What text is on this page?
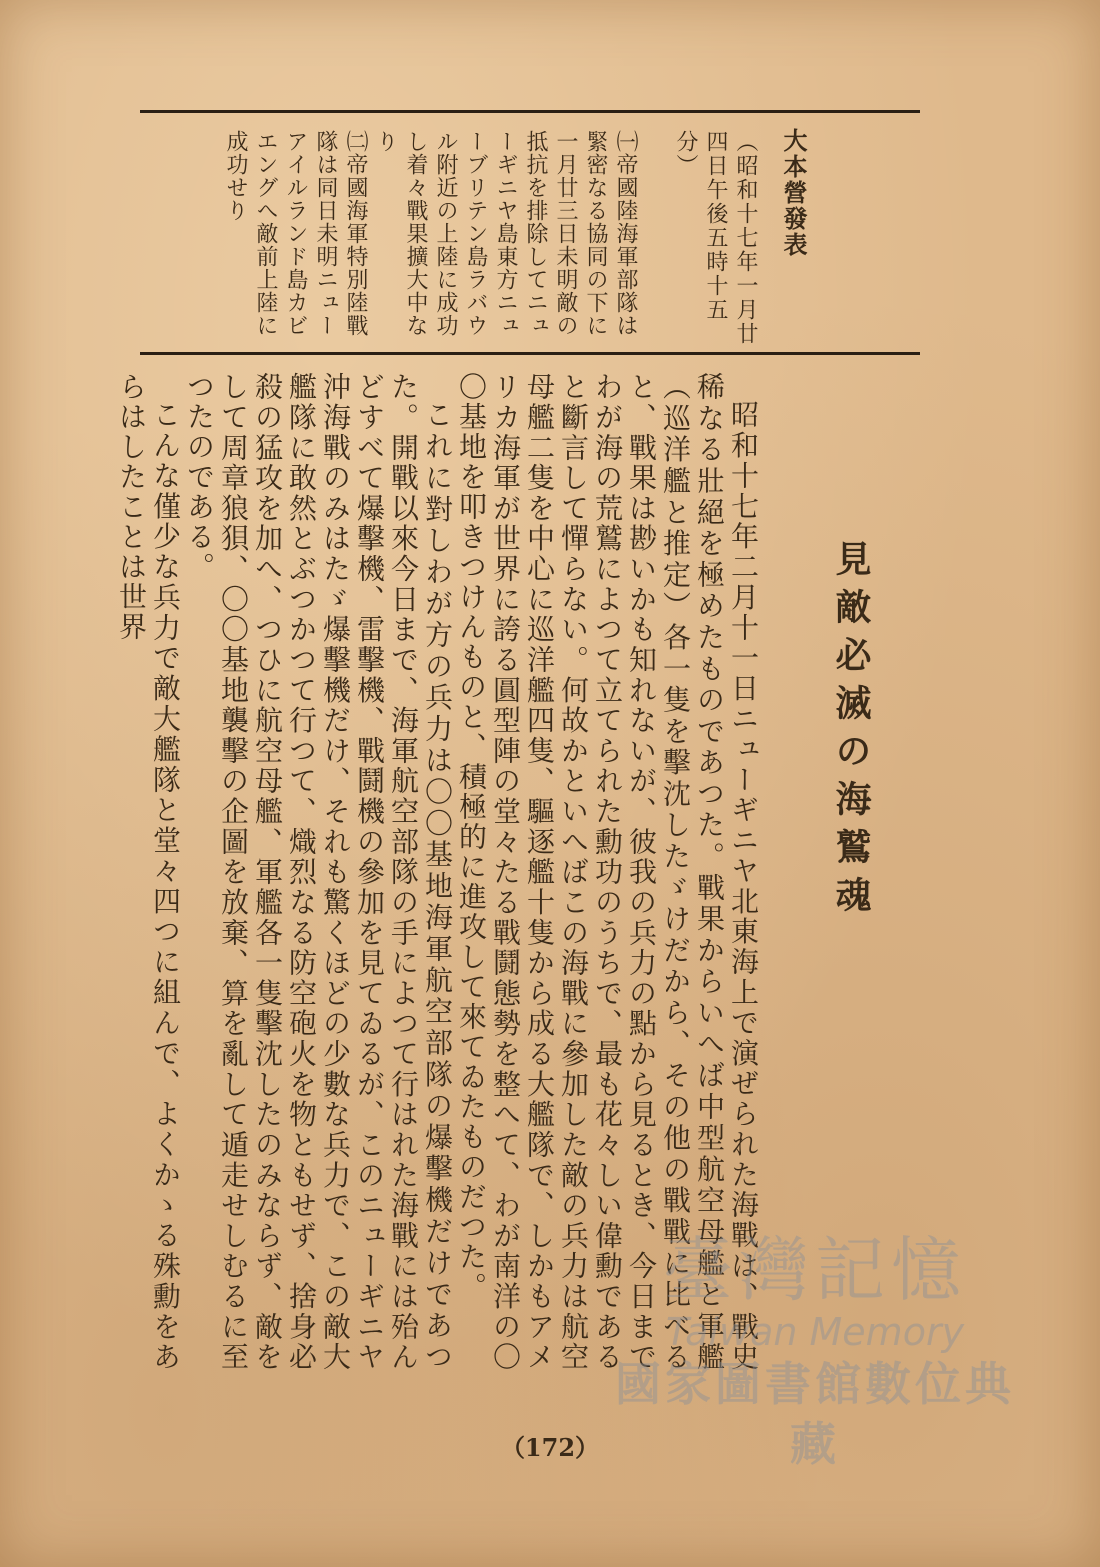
大本營發表
（昭和十七年一月廿四日午後五時十五分）

㈠帝國陸海軍部隊は緊密なる協同の下に一月廿三日未明敵の抵抗を排除してニューギニヤ島東方ニューブリテン島ラバウル附近の上陸に成功し着々戰果擴大中なり

㈡帝國海軍特別陸戰隊は同日未明ニューアイルランド島カビエングへ敵前上陸に成功せり

見敵必滅の海鷲魂

昭和十七年二月十一日ニューギニヤ北東海上で演ぜられた海戰は、戰史稀なる壯絕を極めたものであつた。戰果からいへば中型航空母艦と軍艦（巡洋艦と推定）各一隻を擊沈したゞけだから、その他の戰戰に比べると、戰果は尠いかも知れないが、彼我の兵力の點から見るとき、今日までわが海の荒鷲によつて立てられた勳功のうちで、最も花々しい偉勳であると斷言して憚らない。何故かといへばこの海戰に參加した敵の兵力は航空母艦二隻を中心に巡洋艦四隻、驅逐艦十隻から成る大艦隊で、しかもアメリカ海軍が世界に誇る圓型陣の堂々たる戰鬪態勢を整へて、わが南洋の〇〇基地を叩きつけんものと、積極的に進攻して來てゐたものだつた。

これに對しわが方の兵力は〇〇基地海軍航空部隊の爆擊機だけであつた。開戰以來今日まで、海軍航空部隊の手によつて行はれた海戰には殆んどすべて爆擊機、雷擊機、戰鬪機の參加を見てゐるが、このニューギニヤ沖海戰のみはたゞ爆擊機だけ、それも驚くほどの少數な兵力で、この敵大艦隊に敢然とぶつかつて行つて、熾烈なる防空砲火を物ともせず、捨身必殺の猛攻を加へ、つひに航空母艦、軍艦各一隻擊沈したのみならず、敵をして周章狼狽、〇〇基地襲擊の企圖を放棄、算を亂して遁走せしむるに至つたのである。

こんな僅少な兵力で敵大艦隊と堂々四つに組んで、よくかゝる殊勳をあらはしたことは世界

（172）
臺灣記憶
Taiwan Memory
國家圖書館數位典藏
